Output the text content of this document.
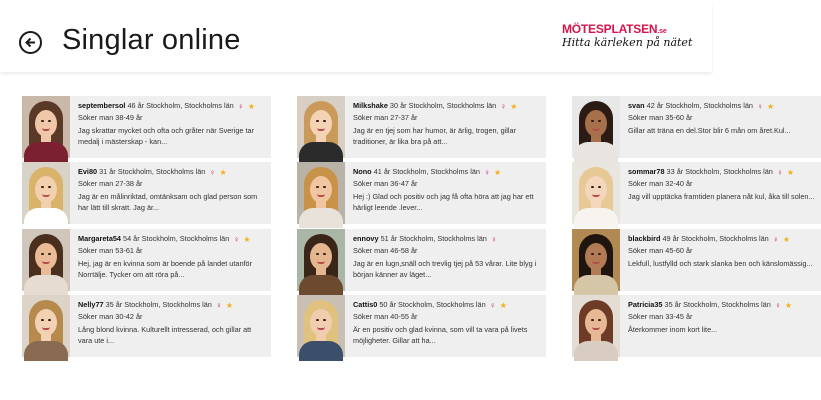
Singlar online	MÖTESPLATSEN.se
Hitta kärleken på nätet
septembersol 46 år Stockholm, Stockholms län ♀ ★
Söker man 38-49 år
Jag skrattar mycket och ofta och gråter när Sverige tar medalj i mästerskap - kan...
Evi80 31 år Stockholm, Stockholms län ♀ ★
Söker man 27-38 år
Jag är en målinriktad, omtänksam och glad person som har lätt till skratt. Jag är...
Margareta54 54 år Stockholm, Stockholms län ♀ ★
Söker man 53-61 år
Hej, jag är en kvinna som är boende på landet utanför Norrtälje. Tycker om att röra på...
Nelly77 35 år Stockholm, Stockholms län ♀ ★
Söker man 30-42 år
Lång blond kvinna. Kulturellt intresserad, och gillar att vara ute i...
Milkshake 30 år Stockholm, Stockholms län ♀ ★
Söker man 27-37 år
Jag är en tjej som har humor, är ärlig, trogen, gillar traditioner, är lika bra på att...
Nono 41 år Stockholm, Stockholms län ♀ ★
Söker man 36-47 år
Hej :) Glad och positiv och jag få ofta höra att jag har ett härligt leende .lever...
ennovy 51 år Stockholm, Stockholms län ♀
Söker man 46-58 år
Jag är en lugn,snäll och trevlig tjej på 53 vårar. Lite blyg i början känner av läget...
Cattis0 50 år Stockholm, Stockholms län ♀ ★
Söker man 40-55 år
Är en positiv och glad kvinna, som vill ta vara på livets möjligheter. Gillar att ha...
svan 42 år Stockholm, Stockholms län ♀ ★
Söker man 35-60 år
Gillar att träna en del.Stor blir 6 mån om året.Kul...
sommar78 33 år Stockholm, Stockholms län ♀ ★
Söker man 32-40 år
Jag vill upptäcka framtiden planera nåt kul, åka till solen...
blackbird 49 år Stockholm, Stockholms län ♀ ★
Söker man 45-60 år
Lekfull, lustfylld och stark slanka ben och känslomässig...
Patricia35 35 år Stockholm, Stockholms län ♀ ★
Söker man 33-45 år
Återkommer inom kort lite...
